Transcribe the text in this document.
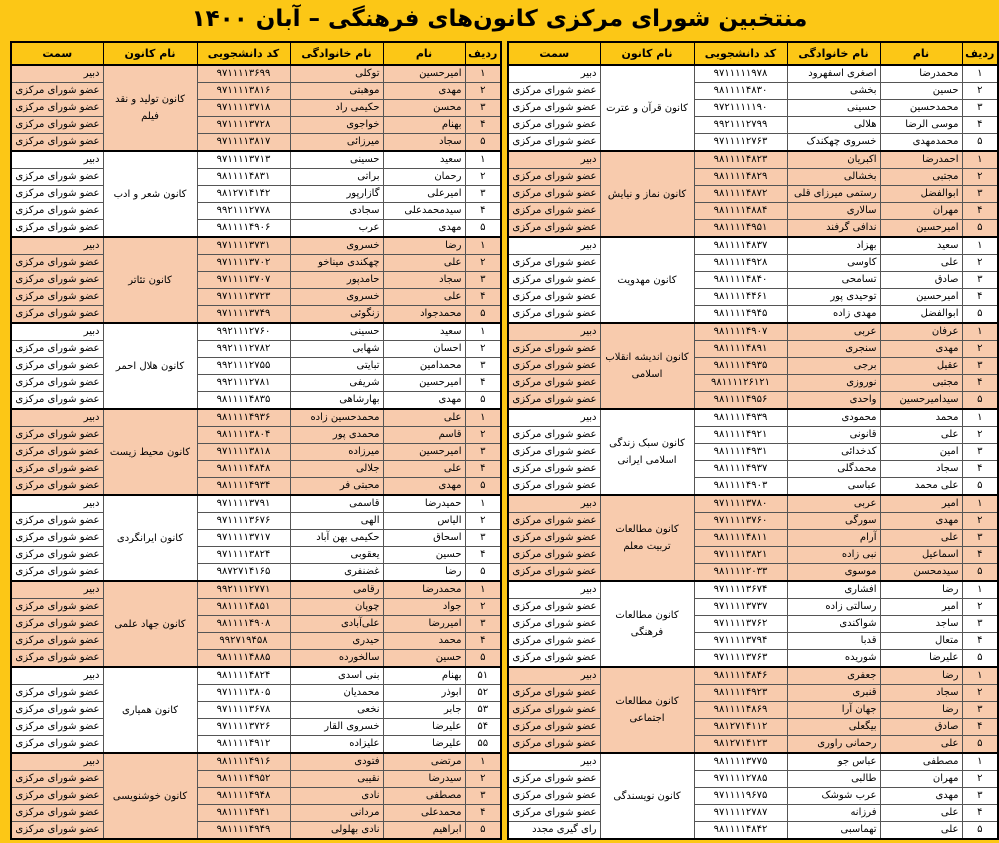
منتخبین شورای مرکزی کانون‌های فرهنگی – آبان ۱۴۰۰
ردیف	نام	نام خانوادگی	کد دانشجویی	نام کانون	سمت
۱	محمدرضا	اصغری اسفهرود	۹۷۱۱۱۱۱۹۷۸	کانون قرآن و عترت	دبیر
۲	حسین	بخشی	۹۸۱۱۱۱۴۸۳۰		عضو شورای مرکزی
۳	محمدحسین	حسینی	۹۷۲۱۱۱۱۱۹۰		عضو شورای مرکزی
۴	موسی الرضا	هلالی	۹۹۲۱۱۱۲۷۹۹		عضو شورای مرکزی
۵	محمدمهدی	خسروی چهکندک	۹۷۱۱۱۱۲۷۶۳		عضو شورای مرکزی
۱	احمدرضا	اکبریان	۹۸۱۱۱۱۴۸۲۳	کانون نماز و نیایش	دبیر
۲	مجتبی	بخشالی	۹۸۱۱۱۱۴۸۲۹		عضو شورای مرکزی
۳	ابوالفضل	رستمی میرزای قلی	۹۸۱۱۱۱۴۸۷۲		عضو شورای مرکزی
۴	مهران	سالاری	۹۸۱۱۱۱۴۸۸۴		عضو شورای مرکزی
۵	امیرحسین	ندافی گرفند	۹۸۱۱۱۱۴۹۵۱		عضو شورای مرکزی
۱	سعید	بهزاد	۹۸۱۱۱۱۴۸۳۷	کانون مهدویت	دبیر
۲	علی	کاوسی	۹۸۱۱۱۱۴۹۲۸		عضو شورای مرکزی
۳	صادق	تسامحی	۹۸۱۱۱۱۴۸۴۰		عضو شورای مرکزی
۴	امیرحسین	توحیدی پور	۹۸۱۱۱۱۴۴۶۱		عضو شورای مرکزی
۵	ابوالفضل	مهدی زاده	۹۸۱۱۱۱۴۹۴۵		عضو شورای مرکزی
۱	عرفان	عربی	۹۸۱۱۱۱۴۹۰۷	کانون اندیشه انقلاب اسلامی	دبیر
۲	مهدی	سنجری	۹۸۱۱۱۱۴۸۹۱		عضو شورای مرکزی
۳	عقیل	برجی	۹۸۱۱۱۱۴۹۳۵		عضو شورای مرکزی
۴	مجتبی	نوروزی	۹۸۱۱۱۱۲۶۱۲۱		عضو شورای مرکزی
۵	سیدامیرحسین	واحدی	۹۸۱۱۱۱۴۹۵۶		عضو شورای مرکزی
۱	محمد	محمودی	۹۸۱۱۱۱۴۹۳۹	کانون سبک زندگی اسلامی ایرانی	دبیر
۲	علی	قانونی	۹۸۱۱۱۱۴۹۲۱		عضو شورای مرکزی
۳	امین	کدخدائی	۹۸۱۱۱۱۴۹۳۱		عضو شورای مرکزی
۴	سجاد	محمدگلی	۹۸۱۱۱۱۴۹۳۷		عضو شورای مرکزی
۵	علی محمد	عباسی	۹۸۱۱۱۱۴۹۰۳		عضو شورای مرکزی
۱	امیر	عربی	۹۷۱۱۱۱۳۷۸۰	کانون مطالعات تربیت معلم	دبیر
۲	مهدی	سورگی	۹۷۱۱۱۱۳۷۶۰		عضو شورای مرکزی
۳	علی	آرام	۹۸۱۱۱۱۴۸۱۱		عضو شورای مرکزی
۴	اسماعیل	نبی زاده	۹۷۱۱۱۱۳۸۲۱		عضو شورای مرکزی
۵	سیدمحسن	موسوی	۹۸۱۱۱۱۲۰۳۳		عضو شورای مرکزی
۱	رضا	افشاری	۹۷۱۱۱۱۳۶۷۴	کانون مطالعات فرهنگی	دبیر
۲	امیر	رسالتی زاده	۹۷۱۱۱۱۳۷۳۷		عضو شورای مرکزی
۳	ساجد	شواکندی	۹۷۱۱۱۱۳۷۶۲		عضو شورای مرکزی
۴	متعال	قدبا	۹۷۱۱۱۱۳۷۹۴		عضو شورای مرکزی
۵	علیرضا	شوریده	۹۷۱۱۱۱۳۷۶۳		عضو شورای مرکزی
۱	رضا	جعفری	۹۸۱۱۱۱۴۸۴۶	کانون مطالعات اجتماعی	دبیر
۲	سجاد	قنبری	۹۸۱۱۱۱۴۹۲۳		عضو شورای مرکزی
۳	رضا	جهان آرا	۹۸۱۱۱۱۴۸۶۹		عضو شورای مرکزی
۴	صادق	بیگعلی	۹۸۱۲۷۱۴۱۱۲		عضو شورای مرکزی
۵	علی	رحمانی راوری	۹۸۱۲۷۱۴۱۲۳		عضو شورای مرکزی
۱	مصطفی	عباس جو	۹۸۱۱۱۱۳۷۷۵	کانون نویسندگی	دبیر
۲	مهران	طالبی	۹۷۱۱۱۱۲۷۸۵		عضو شورای مرکزی
۳	مهدی	عرب شوشک	۹۷۱۱۱۱۹۶۷۵		عضو شورای مرکزی
۴	علی	فرزانه	۹۷۱۱۱۱۲۷۸۷		عضو شورای مرکزی
۵	علی	تهماسبی	۹۸۱۱۱۱۴۸۴۲		رای گیری مجدد
ردیف	نام	نام خانوادگی	کد دانشجویی	نام کانون	سمت
۱	امیرحسین	توکلی	۹۷۱۱۱۱۳۶۹۹	کانون تولید و نقد فیلم	دبیر
۲	مهدی	موهبتی	۹۷۱۱۱۱۳۸۱۶		عضو شورای مرکزی
۳	محسن	حکیمی راد	۹۷۱۱۱۱۳۷۱۸		عضو شورای مرکزی
۴	بهنام	خواجوی	۹۷۱۱۱۱۳۷۲۸		عضو شورای مرکزی
۵	سجاد	میرزائی	۹۷۱۱۱۱۳۸۱۷		عضو شورای مرکزی
۱	سعید	حسینی	۹۷۱۱۱۱۳۷۱۳	کانون شعر و ادب	دبیر
۲	رحمان	براتی	۹۸۱۱۱۱۴۸۳۱		عضو شورای مرکزی
۳	امیرعلی	گازارپور	۹۸۱۲۷۱۴۱۴۲		عضو شورای مرکزی
۴	سیدمحمدعلی	سجادی	۹۹۲۱۱۱۲۷۷۸		عضو شورای مرکزی
۵	مهدی	عرب	۹۸۱۱۱۱۴۹۰۶		عضو شورای مرکزی
۱	رضا	خسروی	۹۷۱۱۱۱۳۷۳۱	کانون تئاتر	دبیر
۲	علی	چهکندی میناخو	۹۷۱۱۱۱۳۷۰۲		عضو شورای مرکزی
۳	سجاد	حامدپور	۹۷۱۱۱۱۳۷۰۷		عضو شورای مرکزی
۴	علی	خسروی	۹۷۱۱۱۱۳۷۲۳		عضو شورای مرکزی
۵	محمدجواد	زنگوئی	۹۷۱۱۱۱۳۷۴۹		عضو شورای مرکزی
۱	سعید	حسینی	۹۹۲۱۱۱۲۷۶۰	کانون هلال احمر	دبیر
۲	احسان	شهابی	۹۹۲۱۱۱۲۷۸۲		عضو شورای مرکزی
۳	محمدامین	تبایتی	۹۹۲۱۱۱۲۷۵۵		عضو شورای مرکزی
۴	امیرحسین	شریفی	۹۹۲۱۱۱۲۷۸۱		عضو شورای مرکزی
۵	مهدی	بهارشاهی	۹۸۱۱۱۱۴۸۳۵		عضو شورای مرکزی
۱	علی	محمدحسین زاده	۹۸۱۱۱۱۴۹۳۶	کانون محیط زیست	دبیر
۲	قاسم	محمدی پور	۹۸۱۱۱۱۳۸۰۴		عضو شورای مرکزی
۳	امیرحسین	میرزاده	۹۷۱۱۱۱۳۸۱۸		عضو شورای مرکزی
۴	علی	جلالی	۹۸۱۱۱۱۴۸۴۸		عضو شورای مرکزی
۵	مهدی	محبتی فر	۹۸۱۱۱۱۴۹۳۴		عضو شورای مرکزی
۱	حمیدرضا	قاسمی	۹۷۱۱۱۱۳۷۹۱	کانون ایرانگردی	دبیر
۲	الیاس	الهی	۹۷۱۱۱۱۳۶۷۶		عضو شورای مرکزی
۳	اسحاق	حکیمی بهن آباد	۹۷۱۱۱۱۳۷۱۷		عضو شورای مرکزی
۴	حسین	یعقوبی	۹۷۱۱۱۱۳۸۲۴		عضو شورای مرکزی
۵	رضا	غضنفری	۹۸۷۲۷۱۴۱۶۵		عضو شورای مرکزی
۱	محمدرضا	رقامی	۹۹۲۱۱۱۲۷۷۱	کانون جهاد علمی	دبیر
۲	جواد	چوپان	۹۸۱۱۱۱۴۸۵۱		عضو شورای مرکزی
۳	امیررضا	علی‌آبادی	۹۸۱۱۱۱۴۹۰۸		عضو شورای مرکزی
۴	محمد	حیدری	۹۹۲۷۱۹۴۵۸		عضو شورای مرکزی
۵	حسین	سالخورده	۹۸۱۱۱۱۴۸۸۵		عضو شورای مرکزی
۵۱	بهنام	بنی اسدی	۹۸۱۱۱۱۴۸۲۴	کانون همیاری	دبیر
۵۲	ابوذر	محمدیان	۹۷۱۱۱۱۳۸۰۵		عضو شورای مرکزی
۵۳	جابر	نخعی	۹۷۱۱۱۱۳۶۷۸		عضو شورای مرکزی
۵۴	علیرضا	خسروی القار	۹۷۱۱۱۱۳۷۲۶		عضو شورای مرکزی
۵۵	علیرضا	علیزاده	۹۸۱۱۱۱۴۹۱۲		عضو شورای مرکزی
۱	مرتضی	فتودی	۹۸۱۱۱۱۴۹۱۶	کانون خوشنویسی	دبیر
۲	سیدرضا	نقیبی	۹۸۱۱۱۱۴۹۵۲		عضو شورای مرکزی
۳	مصطفی	نادی	۹۸۱۱۱۱۴۹۴۸		عضو شورای مرکزی
۴	محمدعلی	مردانی	۹۸۱۱۱۱۴۹۴۱		عضو شورای مرکزی
۵	ابراهیم	نادی بهلولی	۹۸۱۱۱۱۴۹۴۹		عضو شورای مرکزی
